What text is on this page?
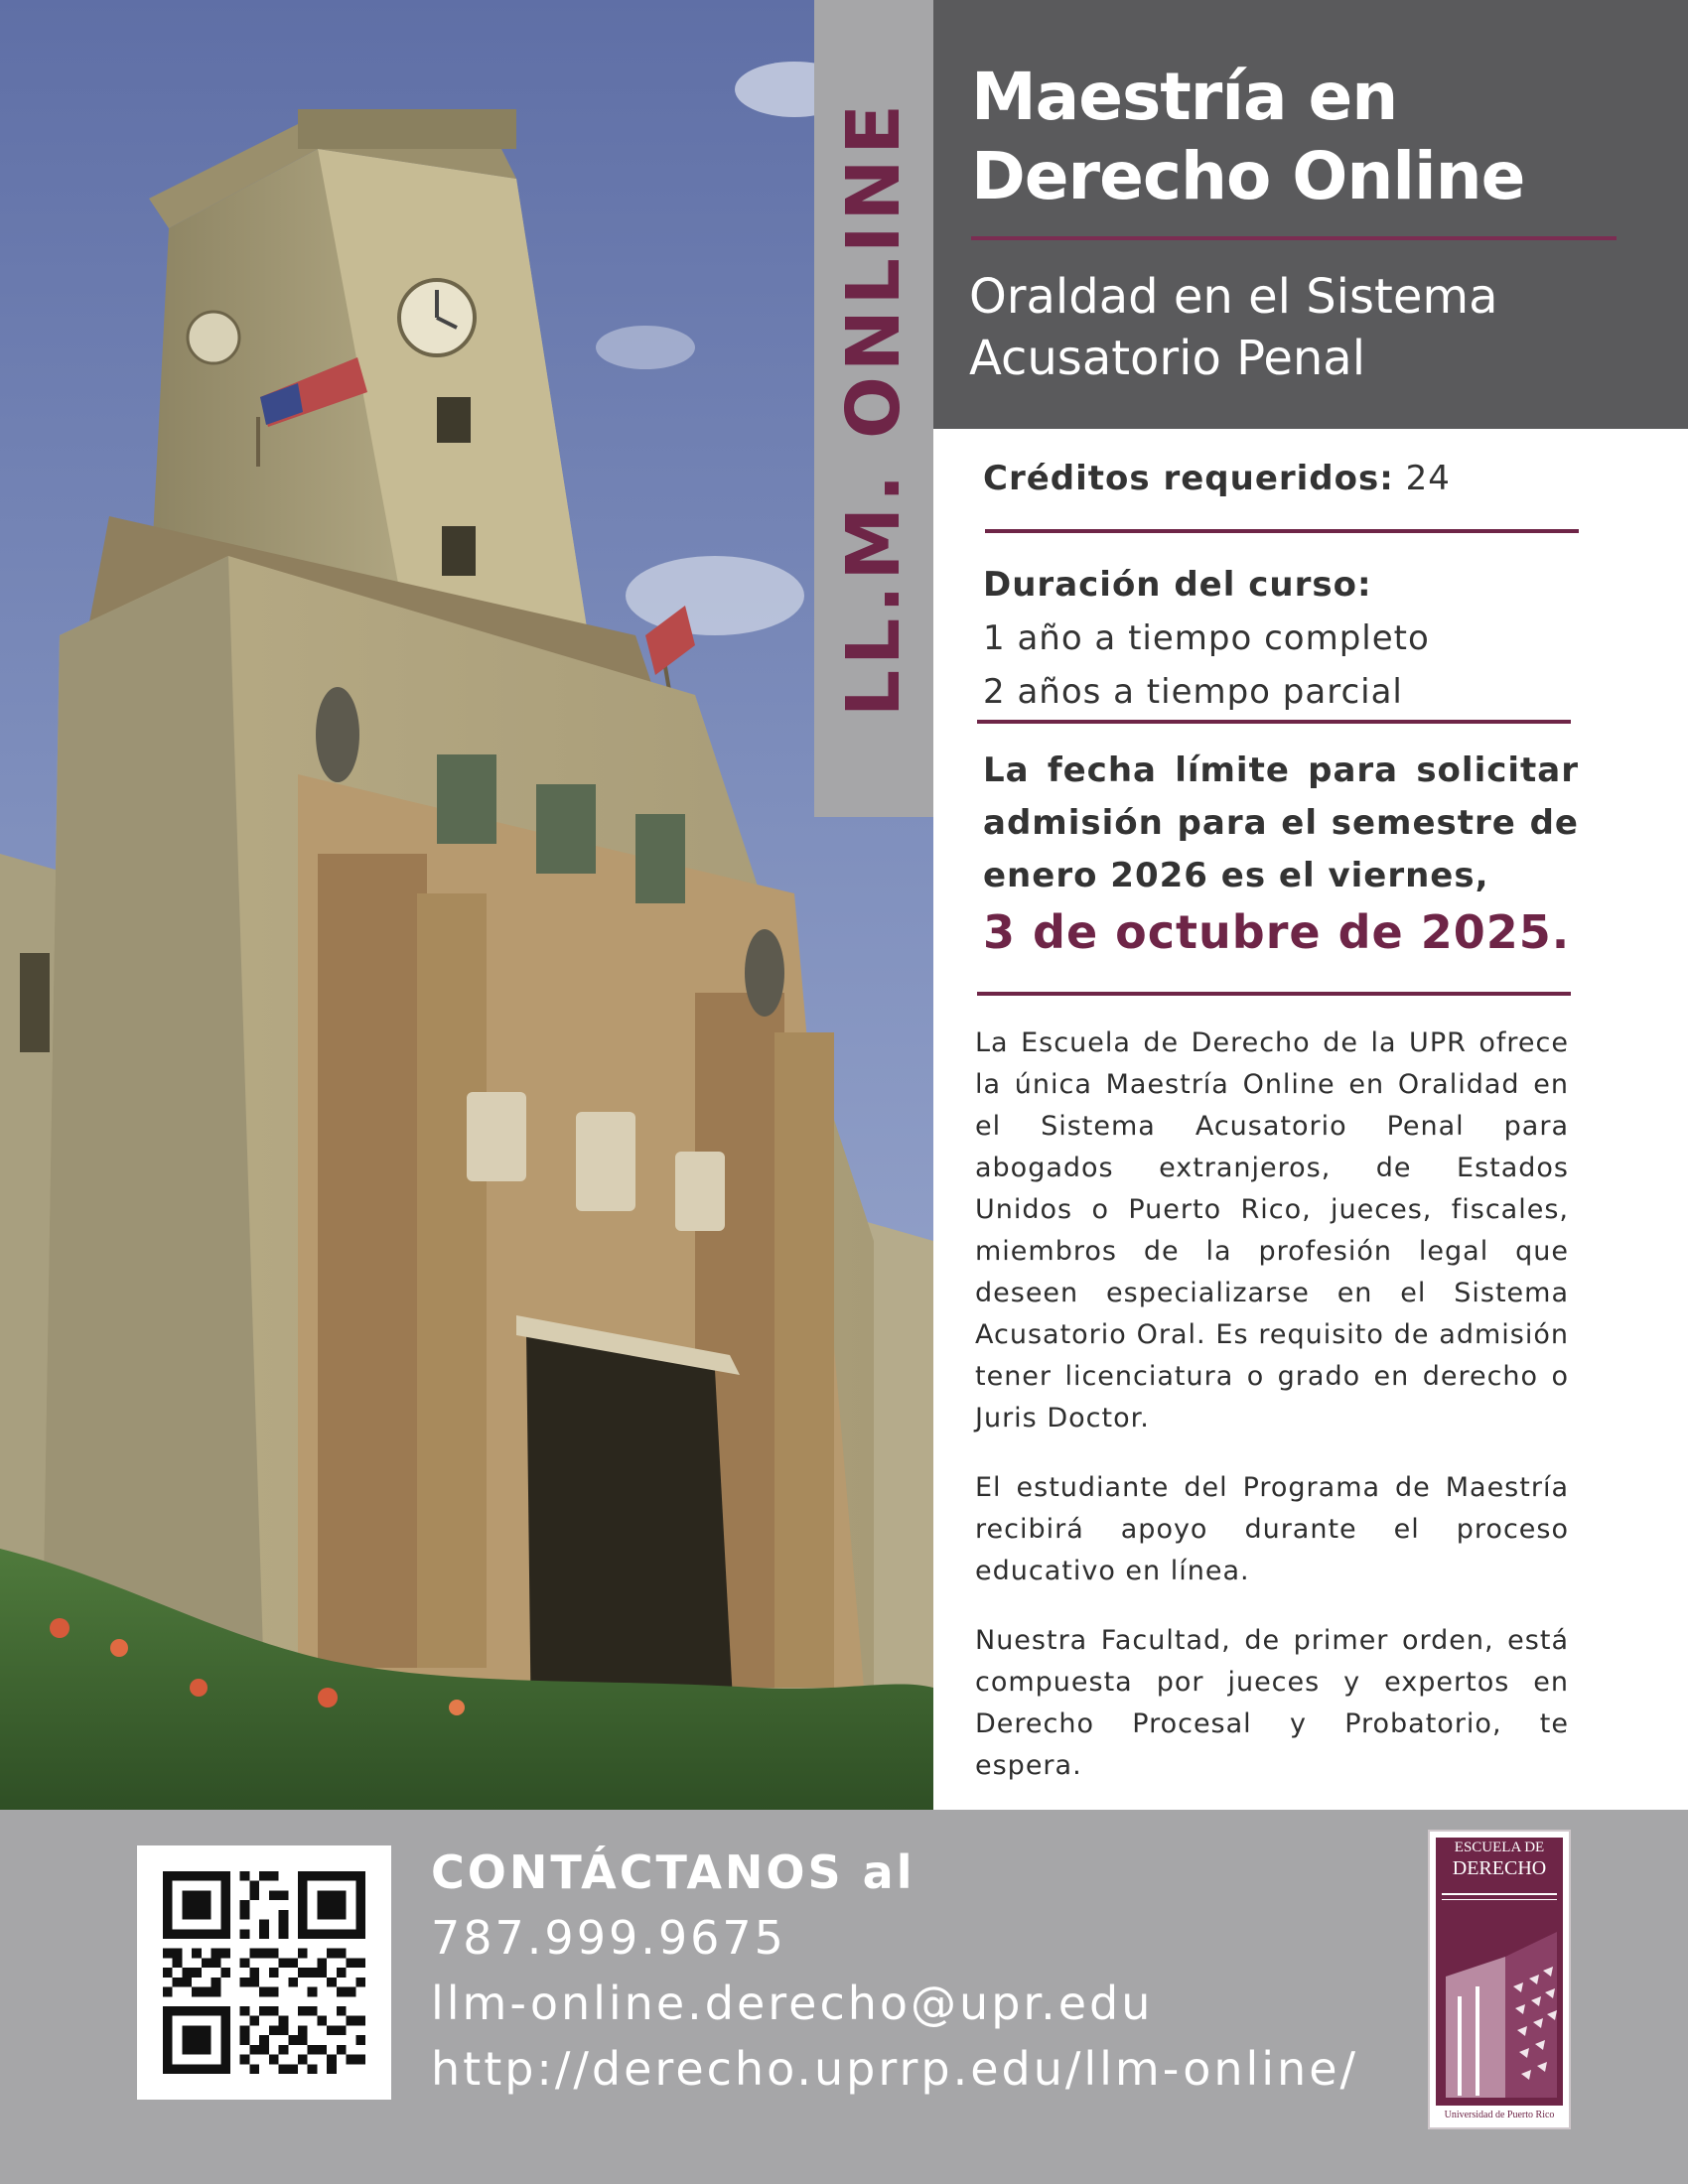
LL.M. ONLINE
Maestría en Derecho Online
Oraldad en el Sistema Acusatorio Penal
Créditos requeridos: 24
Duración del curso:
1 año a tiempo completo
2 años a tiempo parcial
La fecha límite para solicitar admisión para el semestre de enero 2026 es el viernes,
3 de octubre de 2025.
La Escuela de Derecho de la UPR ofrece la única Maestría Online en Oralidad en el Sistema Acusatorio Penal para abogados extranjeros, de Estados Unidos o Puerto Rico, jueces, fiscales, miembros de la profesión legal que deseen especializarse en el Sistema Acusatorio Oral. Es requisito de admisión tener licenciatura o grado en derecho o Juris Doctor.
El estudiante del Programa de Maestría recibirá apoyo durante el proceso educativo en línea.
Nuestra Facultad, de primer orden, está compuesta por jueces y expertos en Derecho Procesal y Probatorio, te espera.
CONTÁCTANOS al
787.999.9675
llm-online.derecho@upr.edu
http://derecho.uprrp.edu/llm-online/
ESCUELA DE
DERECHO
Universidad de Puerto Rico
